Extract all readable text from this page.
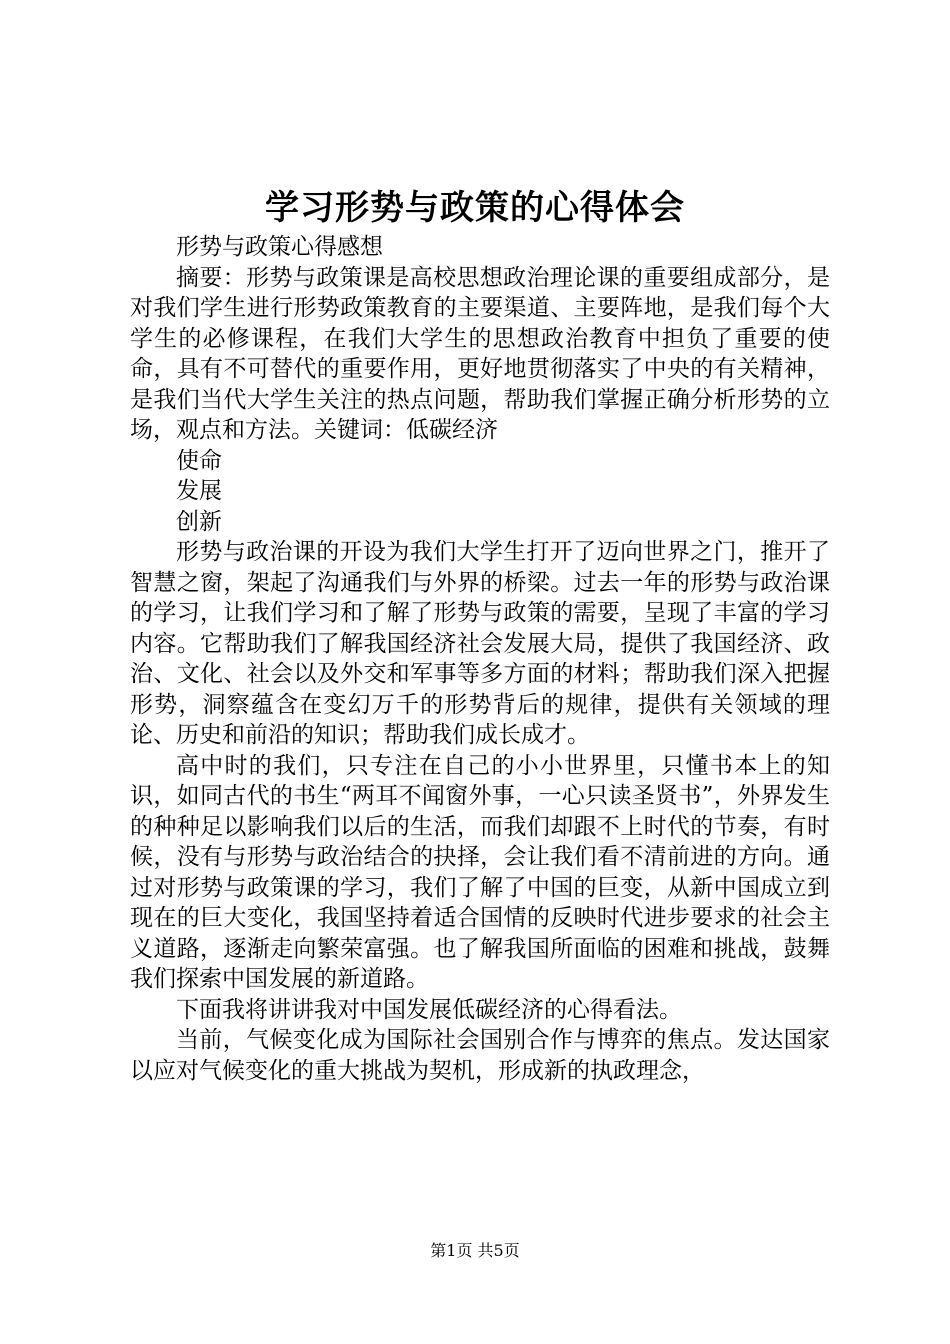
学习形势与政策的心得体会

形势与政策心得感想

摘要：形势与政策课是高校思想政治理论课的重要组成部分，是对我们学生进行形势政策教育的主要渠道、主要阵地，是我们每个大学生的必修课程，在我们大学生的思想政治教育中担负了重要的使命，具有不可替代的重要作用，更好地贯彻落实了中央的有关精神，是我们当代大学生关注的热点问题，帮助我们掌握正确分析形势的立场，观点和方法。关键词：低碳经济

使命

发展

创新

形势与政治课的开设为我们大学生打开了迈向世界之门，推开了智慧之窗，架起了沟通我们与外界的桥梁。过去一年的形势与政治课的学习，让我们学习和了解了形势与政策的需要，呈现了丰富的学习内容。它帮助我们了解我国经济社会发展大局，提供了我国经济、政治、文化、社会以及外交和军事等多方面的材料；帮助我们深入把握形势，洞察蕴含在变幻万千的形势背后的规律，提供有关领域的理论、历史和前沿的知识；帮助我们成长成才。

高中时的我们，只专注在自己的小小世界里，只懂书本上的知识，如同古代的书生“两耳不闻窗外事，一心只读圣贤书”，外界发生的种种足以影响我们以后的生活，而我们却跟不上时代的节奏，有时候，没有与形势与政治结合的抉择，会让我们看不清前进的方向。通过对形势与政策课的学习，我们了解了中国的巨变，从新中国成立到现在的巨大变化，我国坚持着适合国情的反映时代进步要求的社会主义道路，逐渐走向繁荣富强。也了解我国所面临的困难和挑战，鼓舞我们探索中国发展的新道路。

下面我将讲讲我对中国发展低碳经济的心得看法。

当前，气候变化成为国际社会国别合作与博弈的焦点。发达国家以应对气候变化的重大挑战为契机，形成新的执政理念，

第1页 共5页
